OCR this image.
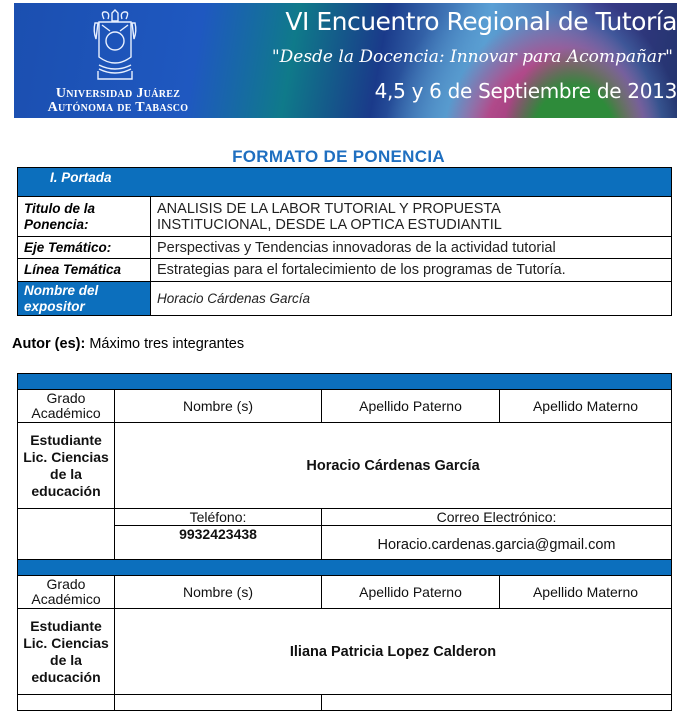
Universidad Juárez
Autónoma de Tabasco
VI Encuentro Regional de Tutoría
"Desde la Docencia: Innovar para Acompañar"
4,5 y 6 de Septiembre de 2013
FORMATO DE PONENCIA
I. Portada	
Titulo de la Ponencia:	ANALISIS DE LA LABOR TUTORIAL Y PROPUESTA INSTITUCIONAL, DESDE LA OPTICA ESTUDIANTIL
Eje Temático:	Perspectivas y Tendencias innovadoras de la actividad tutorial
Línea Temática	Estrategias para el fortalecimiento de los programas de Tutoría.
Nombre del expositor	Horacio Cárdenas García
Autor (es): Máximo tres integrantes

Grado Académico	Nombre (s)	Apellido Paterno	Apellido Materno
Estudiante Lic. Ciencias de la educación	Horacio Cárdenas García		
	Teléfono:	Correo Electrónico:	
	9932423438	Horacio.cardenas.garcia@gmail.com	

Grado Académico	Nombre (s)	Apellido Paterno	Apellido Materno
Estudiante Lic. Ciencias de la educación	Iliana Patricia Lopez Calderon		
